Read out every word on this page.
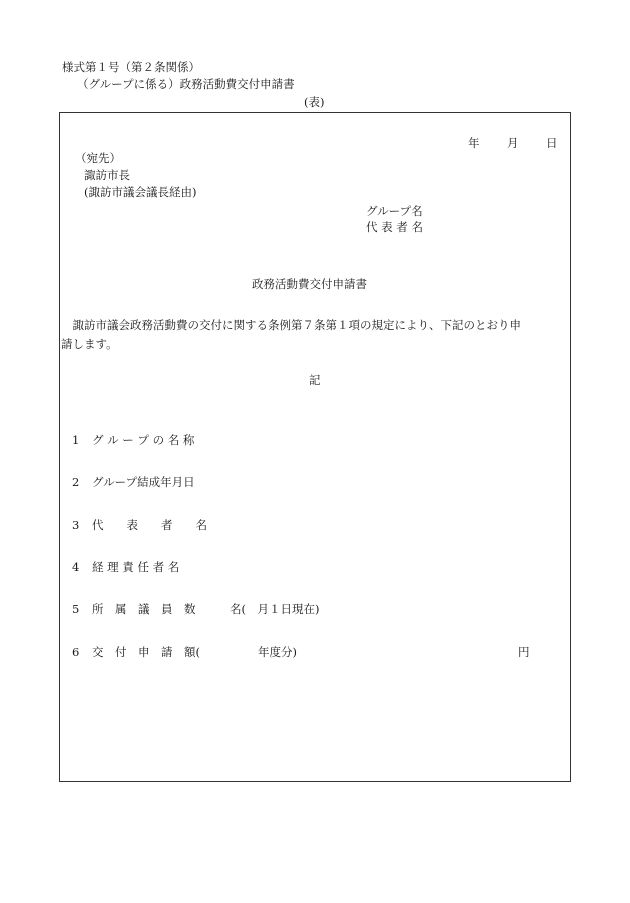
様式第１号（第２条関係）
（グループに係る）政務活動費交付申請書
(表)
年 月 日
（宛先）
諏訪市長
(諏訪市議会議長経由)
グループ名
代 表 者 名
政務活動費交付申請書
　諏訪市議会政務活動費の交付に関する条例第７条第１項の規定により、下記のとおり申
請します。
記
1 グ ル ー プ の 名 称
2 グループ結成年月日
3 代　　表　　者　　名
4 経 理 責 任 者 名
5 所　属　議　員　数	名(　月１日現在)
6 交　付　申　請　額(	年度分)	円
